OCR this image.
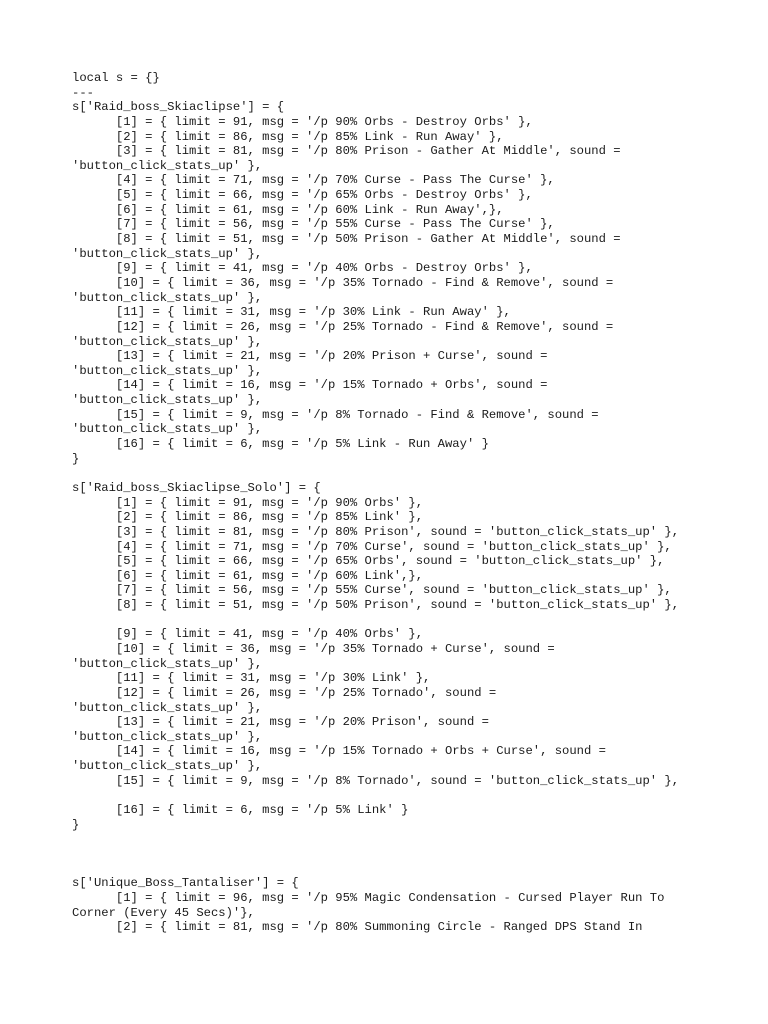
local s = {}
---
s['Raid_boss_Skiaclipse'] = {
[1] = { limit = 91, msg = '/p 90% Orbs - Destroy Orbs' },
[2] = { limit = 86, msg = '/p 85% Link - Run Away' },
[3] = { limit = 81, msg = '/p 80% Prison - Gather At Middle', sound =
'button_click_stats_up' },
[4] = { limit = 71, msg = '/p 70% Curse - Pass The Curse' },
[5] = { limit = 66, msg = '/p 65% Orbs - Destroy Orbs' },
[6] = { limit = 61, msg = '/p 60% Link - Run Away',},
[7] = { limit = 56, msg = '/p 55% Curse - Pass The Curse' },
[8] = { limit = 51, msg = '/p 50% Prison - Gather At Middle', sound =
'button_click_stats_up' },
[9] = { limit = 41, msg = '/p 40% Orbs - Destroy Orbs' },
[10] = { limit = 36, msg = '/p 35% Tornado - Find & Remove', sound =
'button_click_stats_up' },
[11] = { limit = 31, msg = '/p 30% Link - Run Away' },
[12] = { limit = 26, msg = '/p 25% Tornado - Find & Remove', sound =
'button_click_stats_up' },
[13] = { limit = 21, msg = '/p 20% Prison + Curse', sound =
'button_click_stats_up' },
[14] = { limit = 16, msg = '/p 15% Tornado + Orbs', sound =
'button_click_stats_up' },
[15] = { limit = 9, msg = '/p 8% Tornado - Find & Remove', sound =
'button_click_stats_up' },
[16] = { limit = 6, msg = '/p 5% Link - Run Away' }
}
s['Raid_boss_Skiaclipse_Solo'] = {
[1] = { limit = 91, msg = '/p 90% Orbs' },
[2] = { limit = 86, msg = '/p 85% Link' },
[3] = { limit = 81, msg = '/p 80% Prison', sound = 'button_click_stats_up' },
[4] = { limit = 71, msg = '/p 70% Curse', sound = 'button_click_stats_up' },
[5] = { limit = 66, msg = '/p 65% Orbs', sound = 'button_click_stats_up' },
[6] = { limit = 61, msg = '/p 60% Link',},
[7] = { limit = 56, msg = '/p 55% Curse', sound = 'button_click_stats_up' },
[8] = { limit = 51, msg = '/p 50% Prison', sound = 'button_click_stats_up' },
[9] = { limit = 41, msg = '/p 40% Orbs' },
[10] = { limit = 36, msg = '/p 35% Tornado + Curse', sound =
'button_click_stats_up' },
[11] = { limit = 31, msg = '/p 30% Link' },
[12] = { limit = 26, msg = '/p 25% Tornado', sound =
'button_click_stats_up' },
[13] = { limit = 21, msg = '/p 20% Prison', sound =
'button_click_stats_up' },
[14] = { limit = 16, msg = '/p 15% Tornado + Orbs + Curse', sound =
'button_click_stats_up' },
[15] = { limit = 9, msg = '/p 8% Tornado', sound = 'button_click_stats_up' },
[16] = { limit = 6, msg = '/p 5% Link' }
}
s['Unique_Boss_Tantaliser'] = {
[1] = { limit = 96, msg = '/p 95% Magic Condensation - Cursed Player Run To
Corner (Every 45 Secs)'},
[2] = { limit = 81, msg = '/p 80% Summoning Circle - Ranged DPS Stand In
